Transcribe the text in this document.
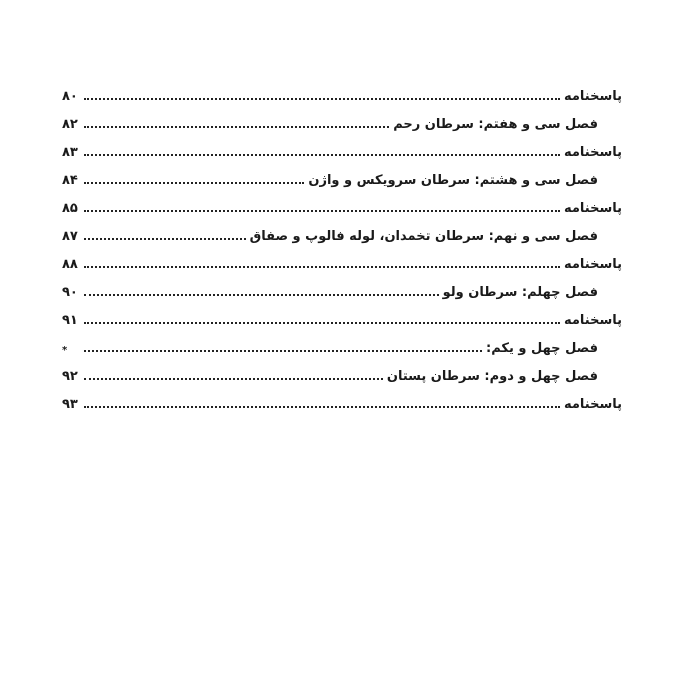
پاسخنامه
۸۰
فصل سی و هفتم: سرطان رحم
۸۲
پاسخنامه
۸۳
فصل سی و هشتم: سرطان سرویکس و واژن
۸۴
پاسخنامه
۸۵
فصل سی و نهم: سرطان تخمدان، لوله فالوپ و صفاق
۸۷
پاسخنامه
۸۸
فصل چهلم: سرطان ولو
۹۰
پاسخنامه
۹۱
فصل چهل و یکم:
*
فصل چهل و دوم: سرطان پستان
۹۲
پاسخنامه
۹۳
